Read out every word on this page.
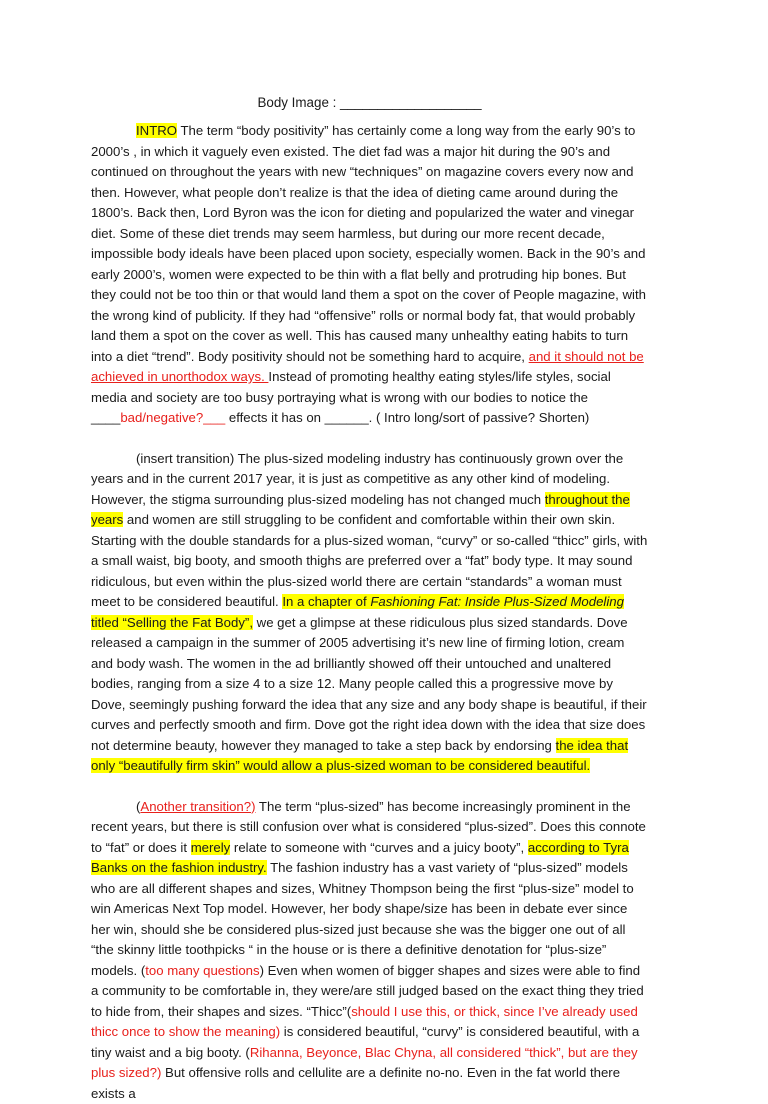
Body Image : ___________________

INTRO The term “body positivity” has certainly come a long way from the early 90’s to 2000’s , in which it vaguely even existed. The diet fad was a major hit during the 90’s and continued on throughout the years with new “techniques” on magazine covers every now and then. However, what people don’t realize is that the idea of dieting came around during the 1800’s. Back then, Lord Byron was the icon for dieting and popularized the water and vinegar diet. Some of these diet trends may seem harmless, but during our more recent decade, impossible body ideals have been placed upon society, especially women. Back in the 90’s and early 2000’s, women were expected to be thin with a flat belly and protruding hip bones. But they could not be too thin or that would land them a spot on the cover of People magazine, with the wrong kind of publicity. If they had “offensive” rolls or normal body fat, that would probably land them a spot on the cover as well. This has caused many unhealthy eating habits to turn into a diet “trend”. Body positivity should not be something hard to acquire, and it should not be achieved in unorthodox ways. Instead of promoting healthy eating styles/life styles, social media and society are too busy portraying what is wrong with our bodies to notice the ____bad/negative?___ effects it has on ______. ( Intro long/sort of passive? Shorten)

(insert transition) The plus-sized modeling industry has continuously grown over the years and in the current 2017 year, it is just as competitive as any other kind of modeling. However, the stigma surrounding plus-sized modeling has not changed much throughout the years and women are still struggling to be confident and comfortable within their own skin. Starting with the double standards for a plus-sized woman, “curvy” or so-called “thicc” girls, with a small waist, big booty, and smooth thighs are preferred over a “fat” body type. It may sound ridiculous, but even within the plus-sized world there are certain “standards” a woman must meet to be considered beautiful. In a chapter of Fashioning Fat: Inside Plus-Sized Modeling titled “Selling the Fat Body”, we get a glimpse at these ridiculous plus sized standards. Dove released a campaign in the summer of 2005 advertising it’s new line of firming lotion, cream and body wash. The women in the ad brilliantly showed off their untouched and unaltered bodies, ranging from a size 4 to a size 12. Many people called this a progressive move by Dove, seemingly pushing forward the idea that any size and any body shape is beautiful, if their curves and perfectly smooth and firm. Dove got the right idea down with the idea that size does not determine beauty, however they managed to take a step back by endorsing the idea that only “beautifully firm skin” would allow a plus-sized woman to be considered beautiful.

(Another transition?) The term “plus-sized” has become increasingly prominent in the recent years, but there is still confusion over what is considered “plus-sized”. Does this connote to “fat” or does it merely relate to someone with “curves and a juicy booty”, according to Tyra Banks on the fashion industry. The fashion industry has a vast variety of “plus-sized” models who are all different shapes and sizes, Whitney Thompson being the first “plus-size” model to win Americas Next Top model. However, her body shape/size has been in debate ever since her win, should she be considered plus-sized just because she was the bigger one out of all “the skinny little toothpicks “ in the house or is there a definitive denotation for “plus-size” models. (too many questions) Even when women of bigger shapes and sizes were able to find a community to be comfortable in, they were/are still judged based on the exact thing they tried to hide from, their shapes and sizes. “Thicc”(should I use this, or thick, since I’ve already used thicc once to show the meaning) is considered beautiful, “curvy” is considered beautiful, with a tiny waist and a big booty. (Rihanna, Beyonce, Blac Chyna, all considered “thick”, but are they plus sized?) But offensive rolls and cellulite are a definite no-no. Even in the fat world there exists a
